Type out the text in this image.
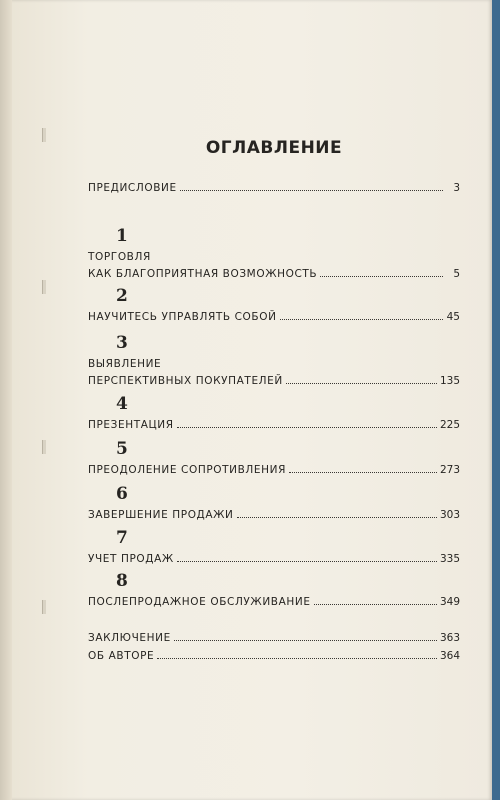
ОГЛАВЛЕНИЕ
ПРЕДИСЛОВИЕ	3
1
ТОРГОВЛЯ
КАК БЛАГОПРИЯТНАЯ ВОЗМОЖНОСТЬ	5
2
НАУЧИТЕСЬ УПРАВЛЯТЬ СОБОЙ	45
3
ВЫЯВЛЕНИЕ
ПЕРСПЕКТИВНЫХ ПОКУПАТЕЛЕЙ	135
4
ПРЕЗЕНТАЦИЯ	225
5
ПРЕОДОЛЕНИЕ СОПРОТИВЛЕНИЯ	273
6
ЗАВЕРШЕНИЕ ПРОДАЖИ	303
7
УЧЕТ ПРОДАЖ	335
8
ПОСЛЕПРОДАЖНОЕ ОБСЛУЖИВАНИЕ	349
ЗАКЛЮЧЕНИЕ	363
ОБ АВТОРЕ	364
